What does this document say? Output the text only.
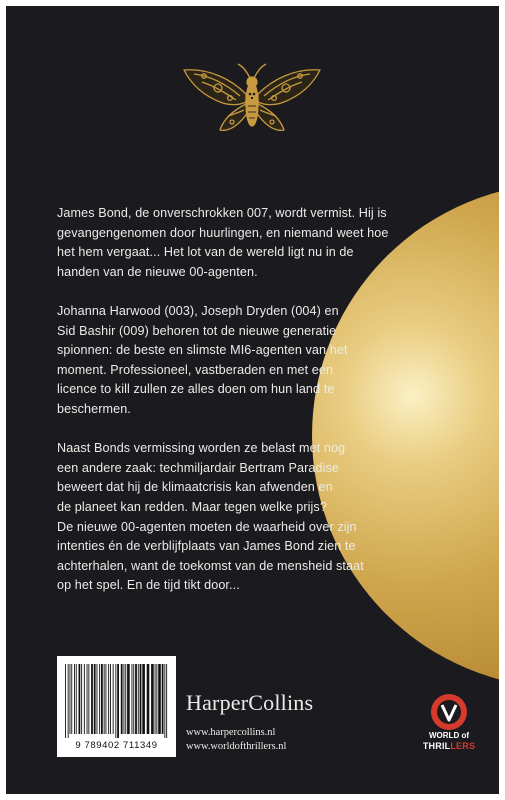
James Bond, de onverschrokken 007, wordt vermist. Hij is
gevangengenomen door huurlingen, en niemand weet hoe
het hem vergaat... Het lot van de wereld ligt nu in de
handen van de nieuwe 00-agenten.

Johanna Harwood (003), Joseph Dryden (004) en
Sid Bashir (009) behoren tot de nieuwe generatie
spionnen: de beste en slimste MI6-agenten van het
moment. Professioneel, vastberaden en met een
licence to kill zullen ze alles doen om hun land te
beschermen.

Naast Bonds vermissing worden ze belast met nog
een andere zaak: techmiljardair Bertram Paradise
beweert dat hij de klimaatcrisis kan afwenden en
de planeet kan redden. Maar tegen welke prijs?
De nieuwe 00-agenten moeten de waarheid over zijn
intenties én de verblijfplaats van James Bond zien te
achterhalen, want de toekomst van de mensheid staat
op het spel. En de tijd tikt door...

9 789402 711349
HarperCollins
www.harpercollins.nl
www.worldofthrillers.nl
WORLD of
THRILLERS
